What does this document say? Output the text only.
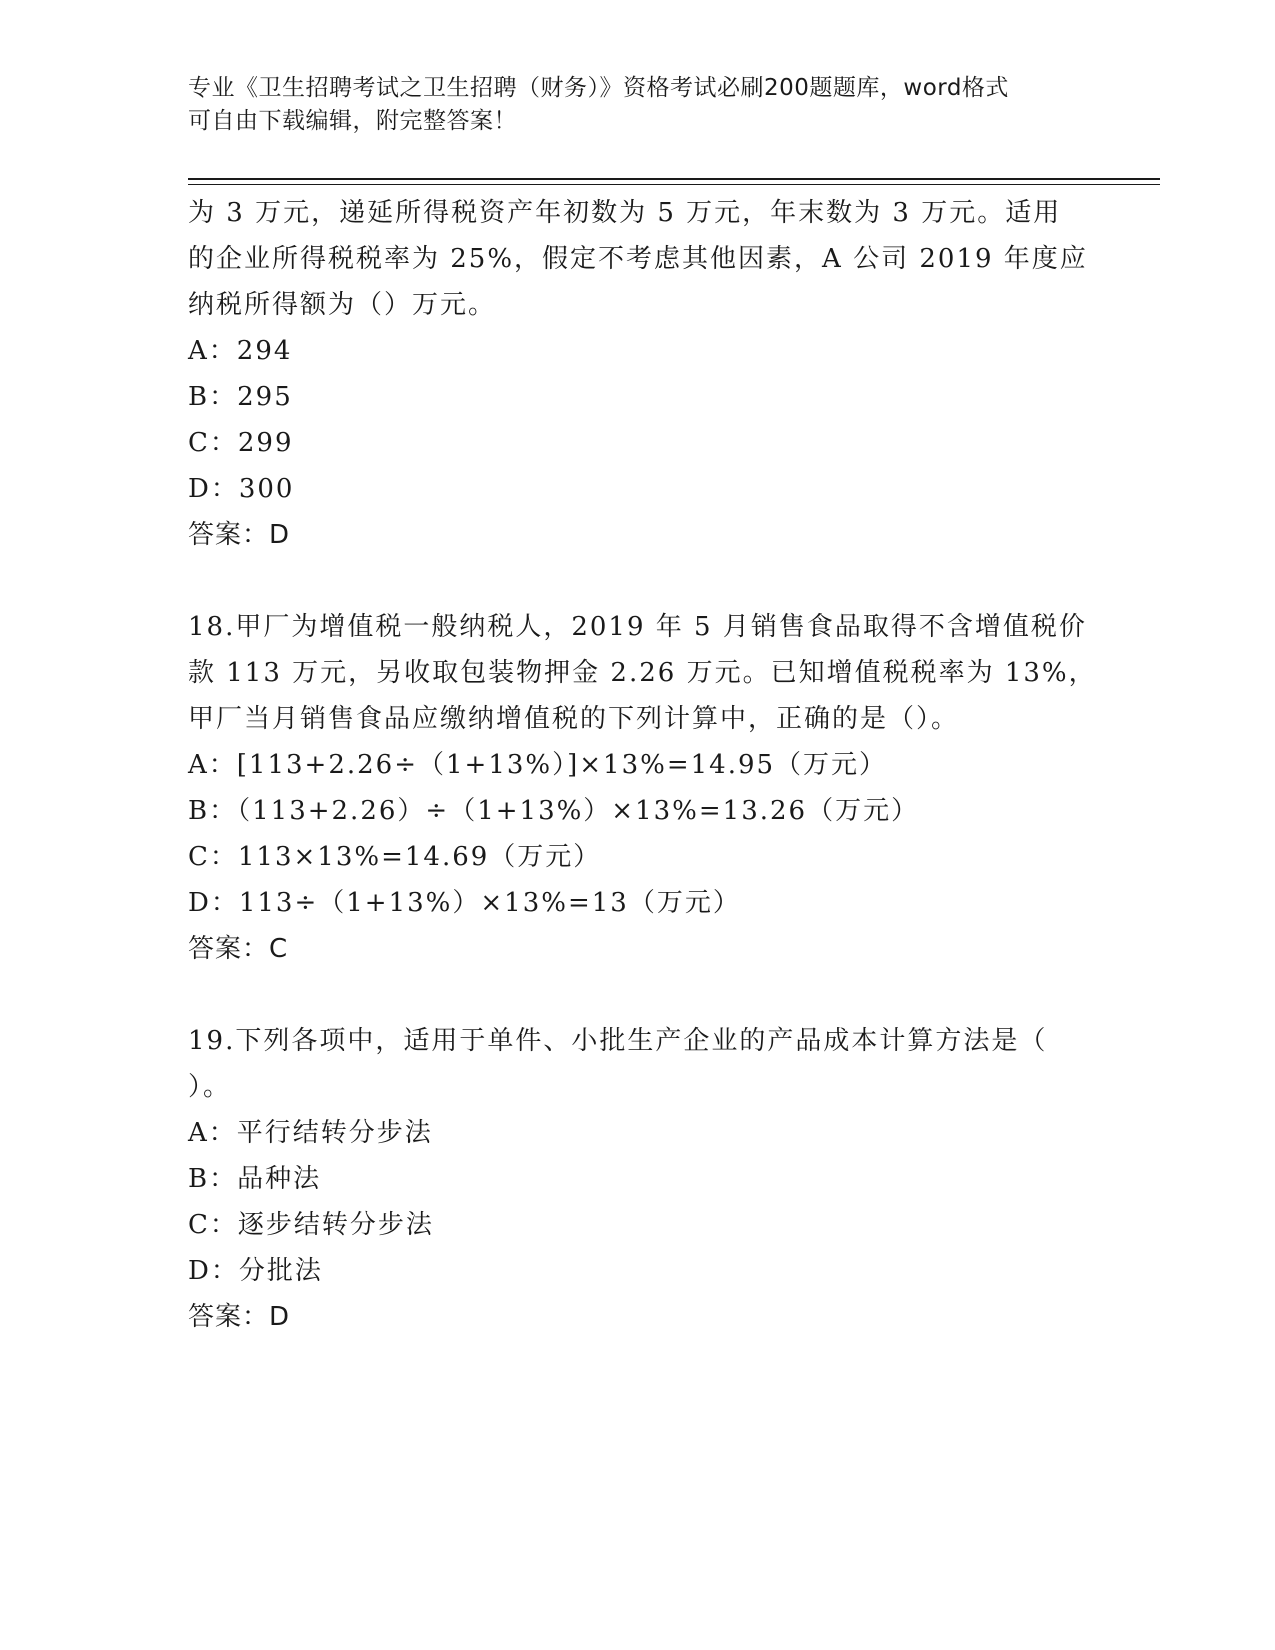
专业《卫生招聘考试之卫生招聘（财务）》资格考试必刷200题题库，word格式
可自由下载编辑，附完整答案！
为 3 万元，递延所得税资产年初数为 5 万元，年末数为 3 万元。适用
的企业所得税税率为 25%，假定不考虑其他因素，A 公司 2019 年度应
纳税所得额为（）万元。
A：294
B：295
C：299
D：300
答案：D
18.甲厂为增值税一般纳税人，2019 年 5 月销售食品取得不含增值税价
款 113 万元，另收取包装物押金 2.26 万元。已知增值税税率为 13%，
甲厂当月销售食品应缴纳增值税的下列计算中，正确的是（）。
A：[113+2.26÷（1+13%）]×13%=14.95（万元）
B：（113+2.26）÷（1+13%）×13%=13.26（万元）
C：113×13%=14.69（万元）
D：113÷（1+13%）×13%=13（万元）
答案：C
19.下列各项中，适用于单件、小批生产企业的产品成本计算方法是（
）。
A：平行结转分步法
B：品种法
C：逐步结转分步法
D：分批法
答案：D
